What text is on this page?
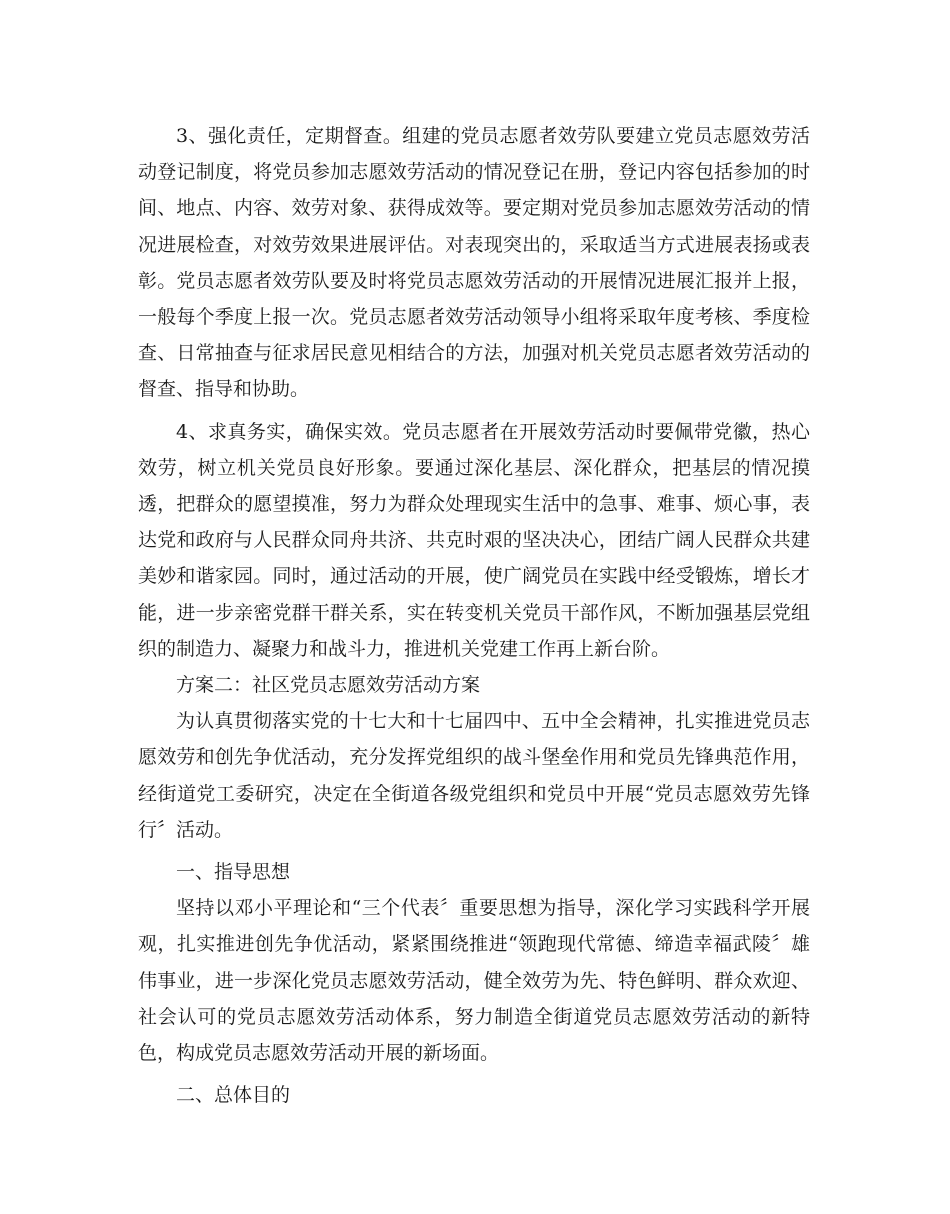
3、强化责任，定期督查。组建的党员志愿者效劳队要建立党员志愿效劳活动登记制度，将党员参加志愿效劳活动的情况登记在册，登记内容包括参加的时间、地点、内容、效劳对象、获得成效等。要定期对党员参加志愿效劳活动的情况进展检查，对效劳效果进展评估。对表现突出的，采取适当方式进展表扬或表彰。党员志愿者效劳队要及时将党员志愿效劳活动的开展情况进展汇报并上报，一般每个季度上报一次。党员志愿者效劳活动领导小组将采取年度考核、季度检查、日常抽查与征求居民意见相结合的方法，加强对机关党员志愿者效劳活动的督查、指导和协助。

4、求真务实，确保实效。党员志愿者在开展效劳活动时要佩带党徽，热心效劳，树立机关党员良好形象。要通过深化基层、深化群众，把基层的情况摸透，把群众的愿望摸准，努力为群众处理现实生活中的急事、难事、烦心事，表达党和政府与人民群众同舟共济、共克时艰的坚决决心，团结广阔人民群众共建美妙和谐家园。同时，通过活动的开展，使广阔党员在实践中经受锻炼，增长才能，进一步亲密党群干群关系，实在转变机关党员干部作风，不断加强基层党组织的制造力、凝聚力和战斗力，推进机关党建工作再上新台阶。

方案二：社区党员志愿效劳活动方案

为认真贯彻落实党的十七大和十七届四中、五中全会精神，扎实推进党员志愿效劳和创先争优活动，充分发挥党组织的战斗堡垒作用和党员先锋典范作用，经街道党工委研究，决定在全街道各级党组织和党员中开展“党员志愿效劳先锋行〞活动。

一、指导思想

坚持以邓小平理论和“三个代表〞重要思想为指导，深化学习实践科学开展观，扎实推进创先争优活动，紧紧围绕推进“领跑现代常德、缔造幸福武陵〞雄伟事业，进一步深化党员志愿效劳活动，健全效劳为先、特色鲜明、群众欢迎、社会认可的党员志愿效劳活动体系，努力制造全街道党员志愿效劳活动的新特色，构成党员志愿效劳活动开展的新场面。

二、总体目的
